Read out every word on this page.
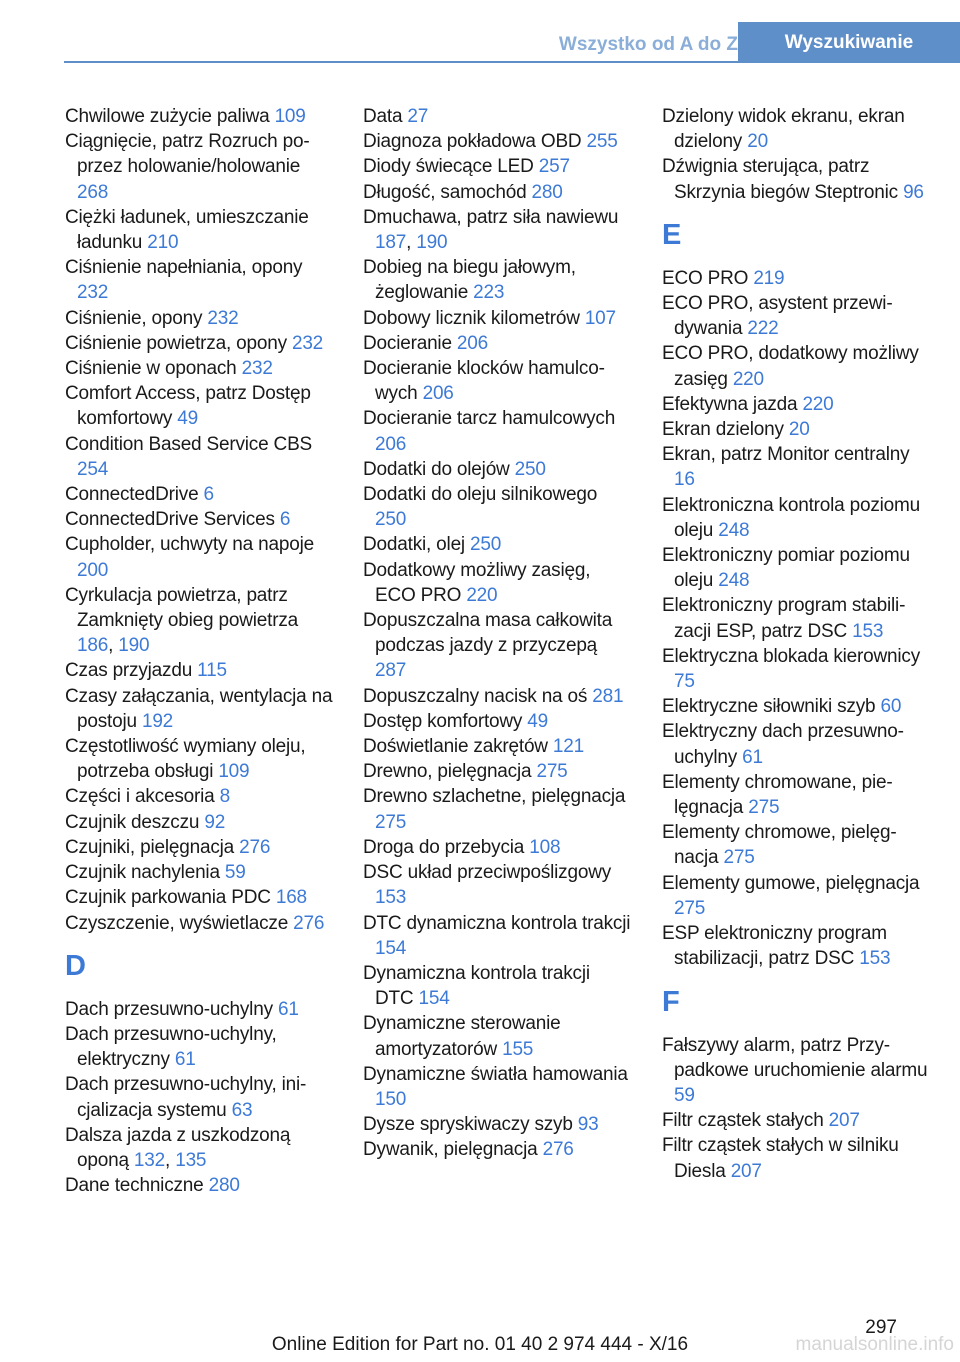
Wszystko od A do Z	Wyszukiwanie
Chwilowe zużycie paliwa 109
Ciągnięcie, patrz Rozruch poprzez holowanie/holowanie 268
Ciężki ładunek, umieszczanie ładunku 210
Ciśnienie napełniania, opony 232
Ciśnienie, opony 232
Ciśnienie powietrza, opony 232
Ciśnienie w oponach 232
Comfort Access, patrz Dostęp komfortowy 49
Condition Based Service CBS 254
ConnectedDrive 6
ConnectedDrive Services 6
Cupholder, uchwyty na napoje 200
Cyrkulacja powietrza, patrz Zamknięty obieg powietrza 186, 190
Czas przyjazdu 115
Czasy załączania, wentylacja na postoju 192
Częstotliwość wymiany oleju, potrzeba obsługi 109
Części i akcesoria 8
Czujnik deszczu 92
Czujniki, pielęgnacja 276
Czujnik nachylenia 59
Czujnik parkowania PDC 168
Czyszczenie, wyświetlacze 276
D
Dach przesuwno-uchylny 61
Dach przesuwno-uchylny, elektryczny 61
Dach przesuwno-uchylny, inicjalizacja systemu 63
Dalsza jazda z uszkodzoną oponą 132, 135
Dane techniczne 280
Data 27
Diagnoza pokładowa OBD 255
Diody świecące LED 257
Długość, samochód 280
Dmuchawa, patrz siła nawiewu 187, 190
Dobieg na biegu jałowym, żeglowanie 223
Dobowy licznik kilometrów 107
Docieranie 206
Docieranie klocków hamulcowych 206
Docieranie tarcz hamulcowych 206
Dodatki do olejów 250
Dodatki do oleju silnikowego 250
Dodatki, olej 250
Dodatkowy możliwy zasięg, ECO PRO 220
Dopuszczalna masa całkowita podczas jazdy z przyczepą 287
Dopuszczalny nacisk na oś 281
Dostęp komfortowy 49
Doświetlanie zakrętów 121
Drewno, pielęgnacja 275
Drewno szlachetne, pielęgnacja 275
Droga do przebycia 108
DSC układ przeciwpoślizgowy 153
DTC dynamiczna kontrola trakcji 154
Dynamiczna kontrola trakcji DTC 154
Dynamiczne sterowanie amortyzatorów 155
Dynamiczne światła hamowania 150
Dysze spryskiwaczy szyb 93
Dywanik, pielęgnacja 276
Dzielony widok ekranu, ekran dzielony 20
Dźwignia sterująca, patrz Skrzynia biegów Steptronic 96
E
ECO PRO 219
ECO PRO, asystent przewidywania 222
ECO PRO, dodatkowy możliwy zasięg 220
Efektywna jazda 220
Ekran dzielony 20
Ekran, patrz Monitor centralny 16
Elektroniczna kontrola poziomu oleju 248
Elektroniczny pomiar poziomu oleju 248
Elektroniczny program stabilizacji ESP, patrz DSC 153
Elektryczna blokada kierownicy 75
Elektryczne siłowniki szyb 60
Elektryczny dach przesuwno-uchylny 61
Elementy chromowane, pielęgnacja 275
Elementy chromowe, pielęgnacja 275
Elementy gumowe, pielęgnacja 275
ESP elektroniczny program stabilizacji, patrz DSC 153
F
Fałszywy alarm, patrz Przypadkowe uruchomienie alarmu 59
Filtr cząstek stałych 207
Filtr cząstek stałych w silniku Diesla 207
297
Online Edition for Part no. 01 40 2 974 444 - X/16	manualsonline.info
